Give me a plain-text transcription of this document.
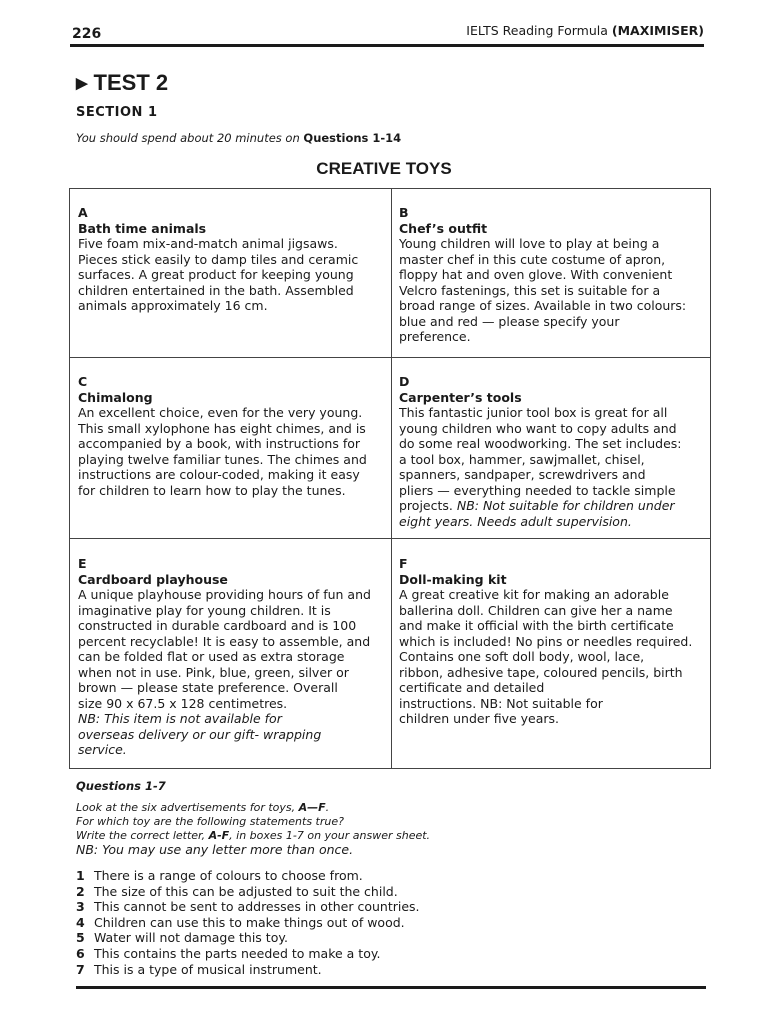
226	IELTS Reading Formula (MAXIMISER)
▶ TEST 2
SECTION 1
You should spend about 20 minutes on Questions 1-14
CREATIVE TOYS
A
Bath time animals
Five foam mix-and-match animal jigsaws.
Pieces stick easily to damp tiles and ceramic
surfaces. A great product for keeping young
children entertained in the bath. Assembled
animals approximately 16 cm.
B
Chef’s outfit
Young children will love to play at being a
master chef in this cute costume of apron,
floppy hat and oven glove. With convenient
Velcro fastenings, this set is suitable for a
broad range of sizes. Available in two colours:
blue and red — please specify your
preference.
C
Chimalong
An excellent choice, even for the very young.
This small xylophone has eight chimes, and is
accompanied by a book, with instructions for
playing twelve familiar tunes. The chimes and
instructions are colour-coded, making it easy
for children to learn how to play the tunes.
D
Carpenter’s tools
This fantastic junior tool box is great for all
young children who want to copy adults and
do some real woodworking. The set includes:
a tool box, hammer, sawjmallet, chisel,
spanners, sandpaper, screwdrivers and
pliers — everything needed to tackle simple
projects. NB: Not suitable for children under
eight years. Needs adult supervision.
E
Cardboard playhouse
A unique playhouse providing hours of fun and
imaginative play for young children. It is
constructed in durable cardboard and is 100
percent recyclable! It is easy to assemble, and
can be folded flat or used as extra storage
when not in use. Pink, blue, green, silver or
brown — please state preference. Overall
size 90 x 67.5 x 128 centimetres.
NB: This item is not available for
overseas delivery or our gift- wrapping
service.
F
Doll-making kit
A great creative kit for making an adorable
ballerina doll. Children can give her a name
and make it official with the birth certificate
which is included! No pins or needles required.
Contains one soft doll body, wool, lace,
ribbon, adhesive tape, coloured pencils, birth
certificate and detailed
instructions. NB: Not suitable for
children under five years.
Questions 1-7
Look at the six advertisements for toys, A—F.
For which toy are the following statements true?
Write the correct letter, A-F, in boxes 1-7 on your answer sheet.
NB: You may use any letter more than once.
1 There is a range of colours to choose from.
2 The size of this can be adjusted to suit the child.
3 This cannot be sent to addresses in other countries.
4 Children can use this to make things out of wood.
5 Water will not damage this toy.
6 This contains the parts needed to make a toy.
7 This is a type of musical instrument.
